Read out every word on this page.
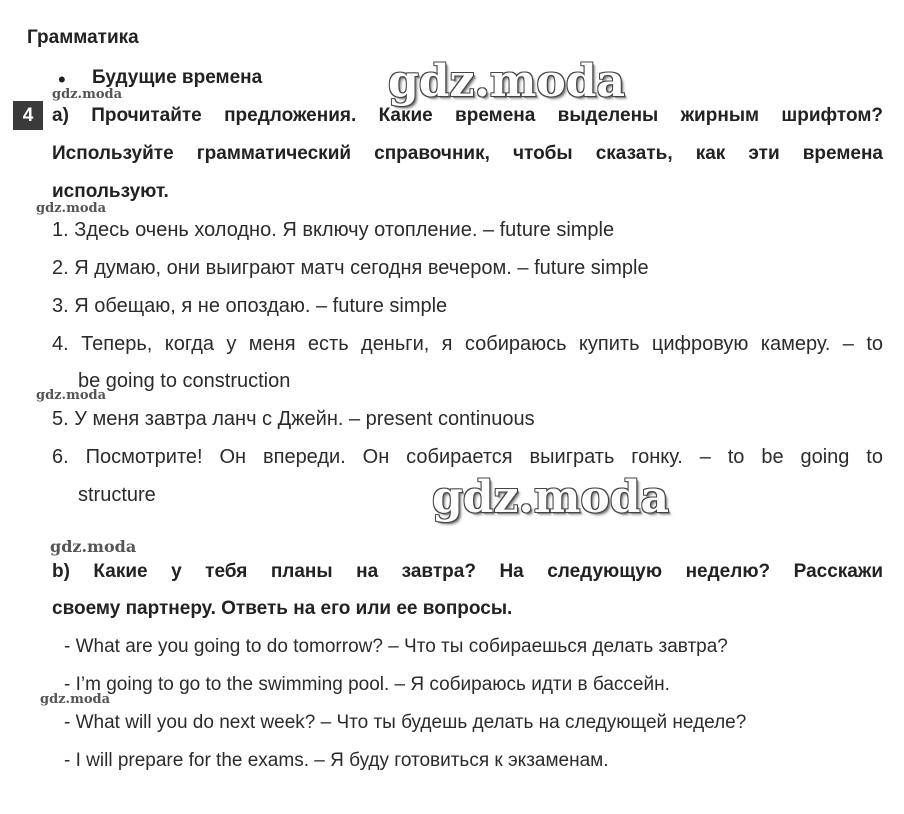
Грамматика
• Будущие времена
4 a) Прочитайте предложения. Какие времена выделены жирным шрифтом?
Используйте грамматический справочник, чтобы сказать, как эти времена
используют.
1. Здесь очень холодно. Я включу отопление. – future simple
2. Я думаю, они выиграют матч сегодня вечером. – future simple
3. Я обещаю, я не опоздаю. – future simple
4. Теперь, когда у меня есть деньги, я собираюсь купить цифровую камеру. – to
be going to construction
5. У меня завтра ланч с Джейн. – present continuous
6. Посмотрите! Он впереди. Он собирается выиграть гонку. – to be going to
structure
b) Какие у тебя планы на завтра? На следующую неделю? Расскажи
своему партнеру. Ответь на его или ее вопросы.
- What are you going to do tomorrow? – Что ты собираешься делать завтра?
- I’m going to go to the swimming pool. – Я собираюсь идти в бассейн.
- What will you do next week? – Что ты будешь делать на следующей неделе?
- I will prepare for the exams. – Я буду готовиться к экзаменам.
gdz.moda
gdz.moda
gdz.moda
gdz.moda
gdz.moda
gdz.moda
gdz.moda
